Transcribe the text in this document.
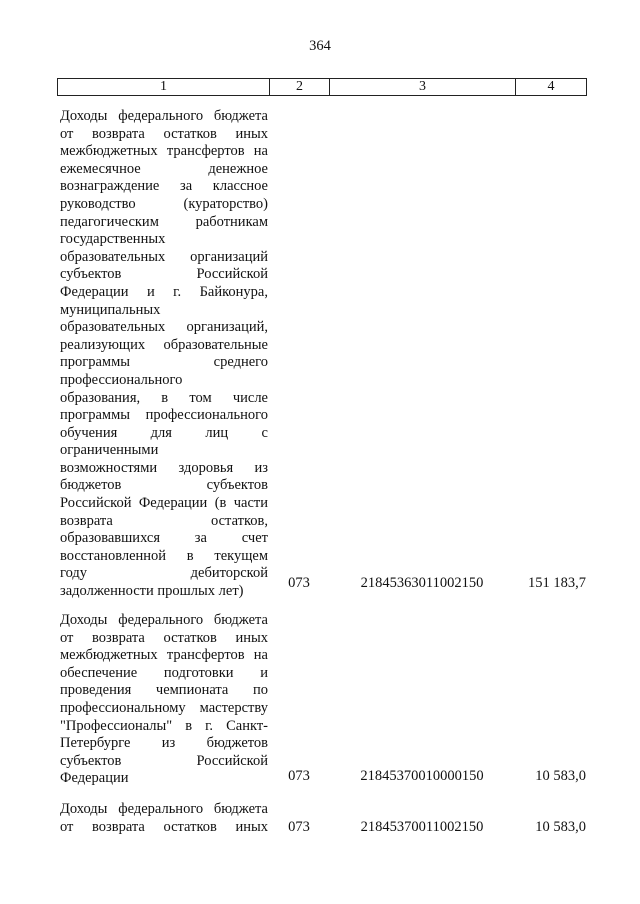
364
1	2	3	4
Доходы федерального бюджета
от возврата остатков иных
межбюджетных трансфертов на
ежемесячное денежное
вознаграждение за классное
руководство (кураторство)
педагогическим работникам
государственных
образовательных организаций
субъектов Российской
Федерации и г. Байконура,
муниципальных
образовательных организаций,
реализующих образовательные
программы среднего
профессионального
образования, в том числе
программы профессионального
обучения для лиц с
ограниченными
возможностями здоровья из
бюджетов субъектов
Российской Федерации (в части
возврата остатков,
образовавшихся за счет
восстановленной в текущем
году дебиторской
задолженности прошлых лет)
073	21845363011002150	151 183,7
Доходы федерального бюджета
от возврата остатков иных
межбюджетных трансфертов на
обеспечение подготовки и
проведения чемпионата по
профессиональному мастерству
"Профессионалы" в г. Санкт-
Петербурге из бюджетов
субъектов Российской
Федерации	073	21845370010000150	10 583,0
Доходы федерального бюджета
от возврата остатков иных	073	21845370011002150	10 583,0
